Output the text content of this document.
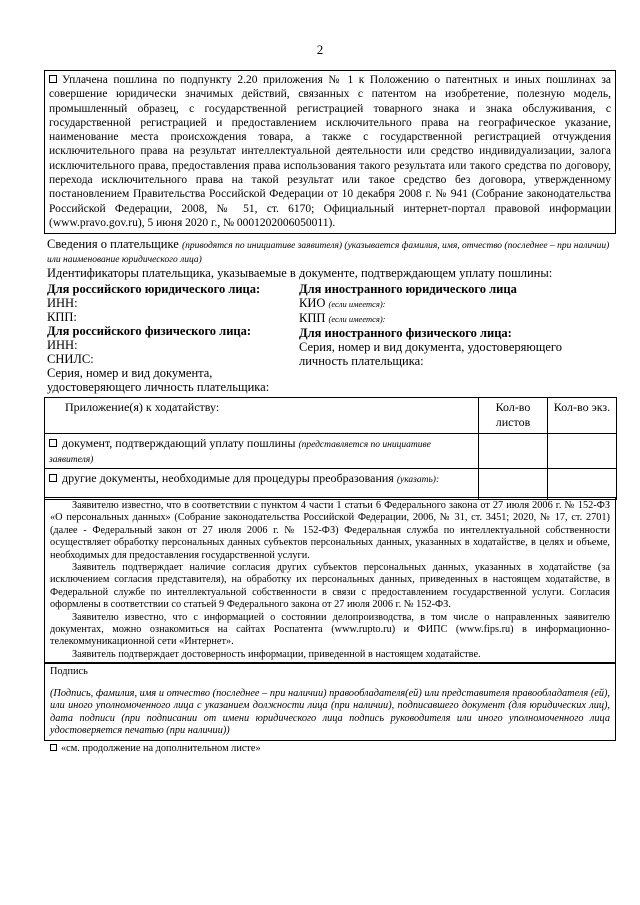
2

Уплачена пошлина по подпункту 2.20 приложения № 1 к Положению о патентных и иных пошлинах за совершение юридически значимых действий, связанных с патентом на изобретение, полезную модель, промышленный образец, с государственной регистрацией товарного знака и знака обслуживания, с государственной регистрацией и предоставлением исключительного права на географическое указание, наименование места происхождения товара, а также с государственной регистрацией отчуждения исключительного права на результат интеллектуальной деятельности или средство индивидуализации, залога исключительного права, предоставления права использования такого результата или такого средства по договору, перехода исключительного права на такой результат или такое средство без договора, утвержденному постановлением Правительства Российской Федерации от 10 декабря 2008 г. № 941 (Собрание законодательства Российской Федерации, 2008, № 51, ст. 6170; Официальный интернет-портал правовой информации (www.pravo.gov.ru), 5 июня 2020 г., № 0001202006050011).

Сведения о плательщике (приводятся по инициативе заявителя) (указывается фамилия, имя, отчество (последнее – при наличии) или наименование юридического лица)
Идентификаторы плательщика, указываемые в документе, подтверждающем уплату пошлины:
Для российского юридического лица:
ИНН:
КПП:
Для российского физического лица:
ИНН:
СНИЛС:
Серия, номер и вид документа, удостоверяющего личность плательщика:
Для иностранного юридического лица
КИО (если имеется):
КПП (если имеется):
Для иностранного физического лица:
Серия, номер и вид документа, удостоверяющего личность плательщика:
Приложение(я) к ходатайству:	Кол-во листов	Кол-во экз.
документ, подтверждающий уплату пошлины (представляется по инициативе заявителя)		
другие документы, необходимые для процедуры преобразования (указать):		

Заявителю известно, что в соответствии с пунктом 4 части 1 статьи 6 Федерального закона от 27 июля 2006 г. № 152-ФЗ «О персональных данных» (Собрание законодательства Российской Федерации, 2006, № 31, ст. 3451; 2020, № 17, ст. 2701) (далее - Федеральный закон от 27 июля 2006 г. № 152-ФЗ) Федеральная служба по интеллектуальной собственности осуществляет обработку персональных данных субъектов персональных данных, указанных в ходатайстве, в целях и объеме, необходимых для предоставления государственной услуги.

Заявитель подтверждает наличие согласия других субъектов персональных данных, указанных в ходатайстве (за исключением согласия представителя), на обработку их персональных данных, приведенных в настоящем ходатайстве, в Федеральной службе по интеллектуальной собственности в связи с предоставлением государственной услуги. Согласия оформлены в соответствии со статьей 9 Федерального закона от 27 июля 2006 г. № 152-ФЗ.

Заявителю известно, что с информацией о состоянии делопроизводства, в том числе о направленных заявителю документах, можно ознакомиться на сайтах Роспатента (www.rupto.ru) и ФИПС (www.fips.ru) в информационно-телекоммуникационной сети «Интернет».

Заявитель подтверждает достоверность информации, приведенной в настоящем ходатайстве.

Подпись
(Подпись, фамилия, имя и отчество (последнее – при наличии) правообладателя(ей) или представителя правообладателя (ей), или иного уполномоченного лица с указанием должности лица (при наличии), подписавшего документ (для юридических лиц), дата подписи (при подписании от имени юридического лица подпись руководителя или иного уполномоченного лица удостоверяется печатью (при наличии))
«см. продолжение на дополнительном листе»
